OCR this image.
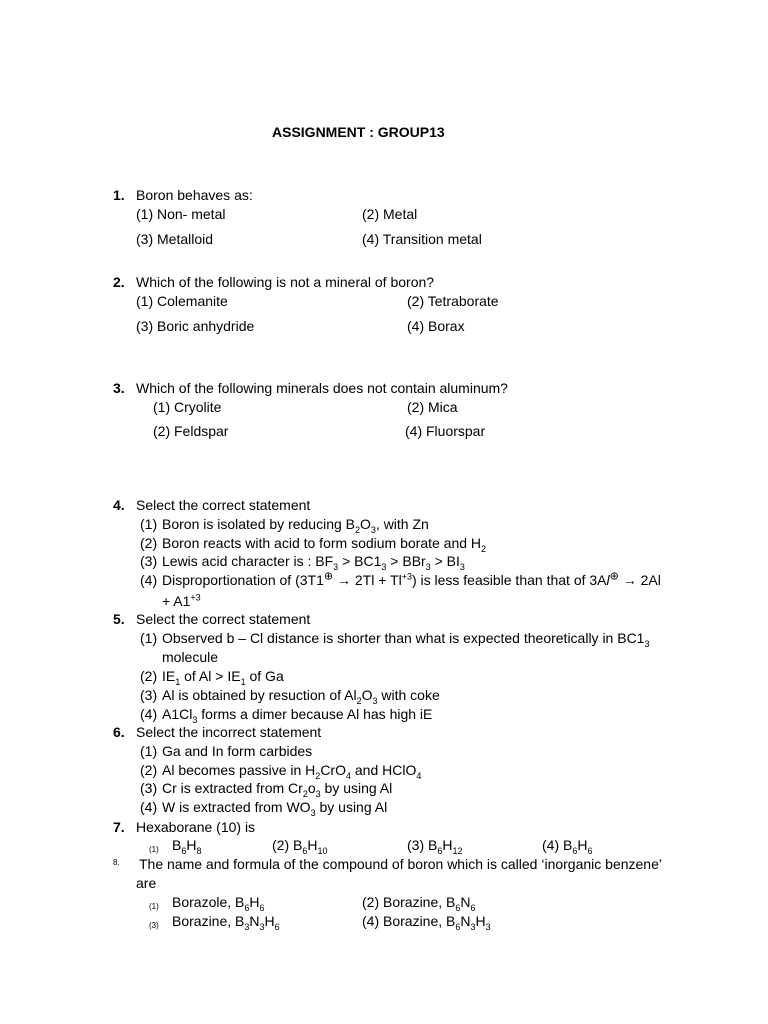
ASSIGNMENT : GROUP13
1. Boron behaves as:
(1) Non- metal	(2) Metal
(3) Metalloid	(4) Transition metal
2. Which of the following is not a mineral of boron?
(1) Colemanite	(2) Tetraborate
(3) Boric anhydride	(4) Borax
3. Which of the following minerals does not contain aluminum?
(1) Cryolite	(2) Mica
(2) Feldspar	(4) Fluorspar
4. Select the correct statement
(1) Boron is isolated by reducing $B_2O_3$, with Zn
(2) Boron reacts with acid to form sodium borate and $H_2$
(3) Lewis acid character is : $BF_3 > BC1_3 > BBr_3 > BI_3$
(4) Disproportionation of $(3T1^\oplus \to 2Tl + Tl^{+3})$ is less feasible than that of 3Al⊕ → 2Al
+ $A1^{+3}$
5. Select the correct statement
(1) Observed b – Cl distance is shorter than what is expected theoretically in $BC1_3$
molecule
(2) $IE_1$ of $Al > IE_1$ of Ga
(3) Al is obtained by resuction of $Al_2O_3$ with coke
(4) $A1Cl_3$ forms a dimer because Al has high iE
6. Select the incorrect statement
(1) Ga and In form carbides
(2) Al becomes passive in $H_2CrO_4$ and HClO$_4$
(3) Cr is extracted from $Cr_2o_3$ by using Al
(4) W is extracted from $WO_3$ by using Al
7. Hexaborane (10) is
(1) $B_6H_8$	(2) $B_6H_{10}$	(3) $B_6H_{12}$	(4) $B_6H_6$
8. The name and formula of the compound of boron which is called ‘inorganic benzene’
are
(1) Borazole, $B_6H_6$	(2) Borazine, $B_6N_6$
(3) Borazine, $B_3N_3H_6$	(4) Borazine, $B_6N_3H_3$
